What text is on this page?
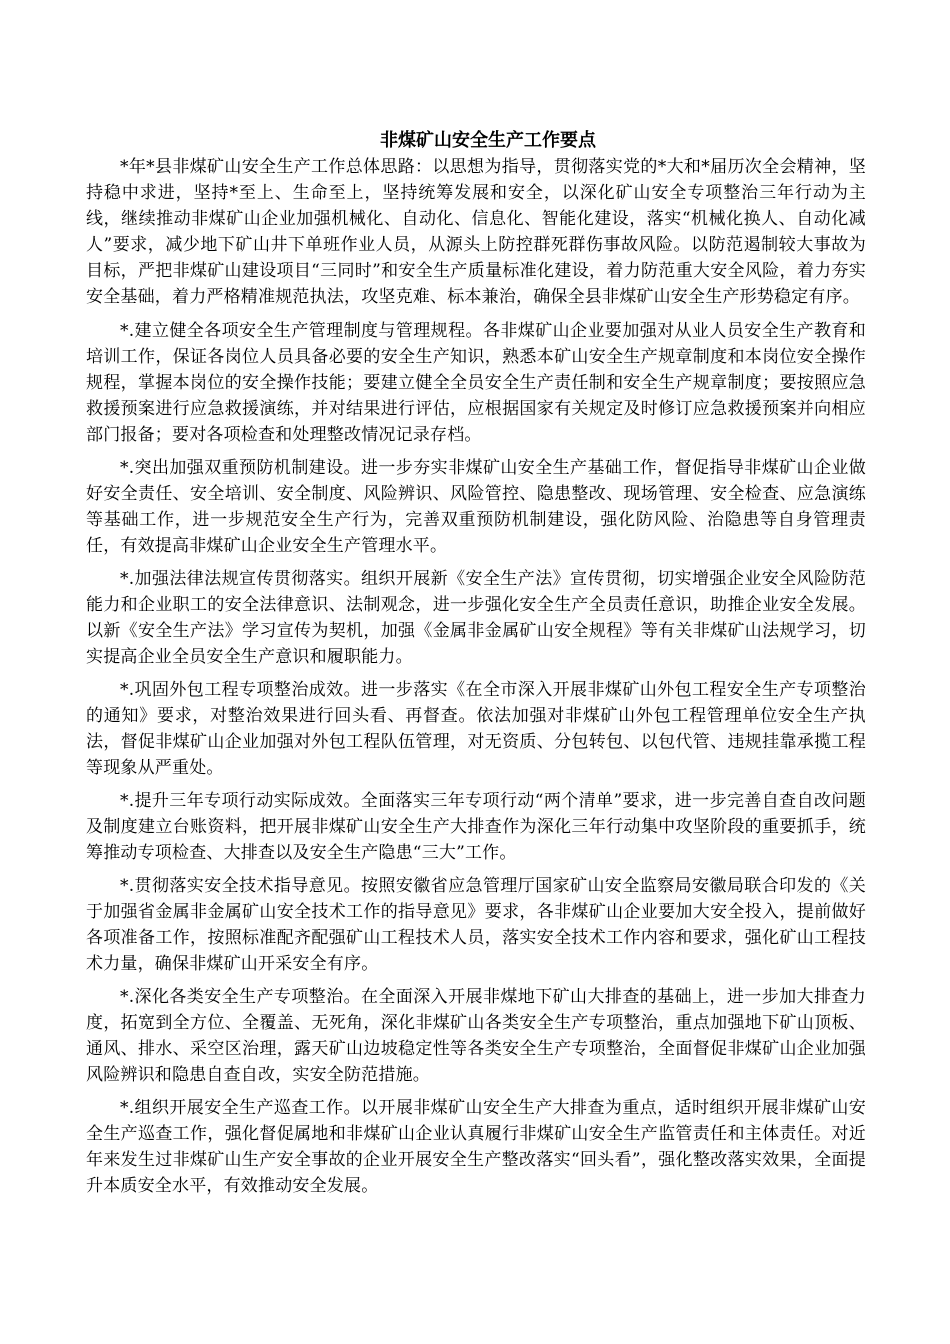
非煤矿山安全生产工作要点

*年*县非煤矿山安全生产工作总体思路：以思想为指导，贯彻落实党的*大和*届历次全会精神，坚持稳中求进，坚持*至上、生命至上，坚持统筹发展和安全，以深化矿山安全专项整治三年行动为主线，继续推动非煤矿山企业加强机械化、自动化、信息化、智能化建设，落实“机械化换人、自动化减人”要求，减少地下矿山井下单班作业人员，从源头上防控群死群伤事故风险。以防范遏制较大事故为目标，严把非煤矿山建设项目“三同时”和安全生产质量标准化建设，着力防范重大安全风险，着力夯实安全基础，着力严格精准规范执法，攻坚克难、标本兼治，确保全县非煤矿山安全生产形势稳定有序。

*.建立健全各项安全生产管理制度与管理规程。各非煤矿山企业要加强对从业人员安全生产教育和培训工作，保证各岗位人员具备必要的安全生产知识，熟悉本矿山安全生产规章制度和本岗位安全操作规程，掌握本岗位的安全操作技能；要建立健全全员安全生产责任制和安全生产规章制度；要按照应急救援预案进行应急救援演练，并对结果进行评估，应根据国家有关规定及时修订应急救援预案并向相应部门报备；要对各项检查和处理整改情况记录存档。

*.突出加强双重预防机制建设。进一步夯实非煤矿山安全生产基础工作，督促指导非煤矿山企业做好安全责任、安全培训、安全制度、风险辨识、风险管控、隐患整改、现场管理、安全检查、应急演练等基础工作，进一步规范安全生产行为，完善双重预防机制建设，强化防风险、治隐患等自身管理责任，有效提高非煤矿山企业安全生产管理水平。

*.加强法律法规宣传贯彻落实。组织开展新《安全生产法》宣传贯彻，切实增强企业安全风险防范能力和企业职工的安全法律意识、法制观念，进一步强化安全生产全员责任意识，助推企业安全发展。以新《安全生产法》学习宣传为契机，加强《金属非金属矿山安全规程》等有关非煤矿山法规学习，切实提高企业全员安全生产意识和履职能力。

*.巩固外包工程专项整治成效。进一步落实《在全市深入开展非煤矿山外包工程安全生产专项整治的通知》要求，对整治效果进行回头看、再督查。依法加强对非煤矿山外包工程管理单位安全生产执法，督促非煤矿山企业加强对外包工程队伍管理，对无资质、分包转包、以包代管、违规挂靠承揽工程等现象从严重处。

*.提升三年专项行动实际成效。全面落实三年专项行动“两个清单”要求，进一步完善自查自改问题及制度建立台账资料，把开展非煤矿山安全生产大排查作为深化三年行动集中攻坚阶段的重要抓手，统筹推动专项检查、大排查以及安全生产隐患“三大”工作。

*.贯彻落实安全技术指导意见。按照安徽省应急管理厅国家矿山安全监察局安徽局联合印发的《关于加强省金属非金属矿山安全技术工作的指导意见》要求，各非煤矿山企业要加大安全投入，提前做好各项准备工作，按照标准配齐配强矿山工程技术人员，落实安全技术工作内容和要求，强化矿山工程技术力量，确保非煤矿山开采安全有序。

*.深化各类安全生产专项整治。在全面深入开展非煤地下矿山大排查的基础上，进一步加大排查力度，拓宽到全方位、全覆盖、无死角，深化非煤矿山各类安全生产专项整治，重点加强地下矿山顶板、通风、排水、采空区治理，露天矿山边坡稳定性等各类安全生产专项整治，全面督促非煤矿山企业加强风险辨识和隐患自查自改，实安全防范措施。

*.组织开展安全生产巡查工作。以开展非煤矿山安全生产大排查为重点，适时组织开展非煤矿山安全生产巡查工作，强化督促属地和非煤矿山企业认真履行非煤矿山安全生产监管责任和主体责任。对近年来发生过非煤矿山生产安全事故的企业开展安全生产整改落实“回头看”，强化整改落实效果，全面提升本质安全水平，有效推动安全发展。
